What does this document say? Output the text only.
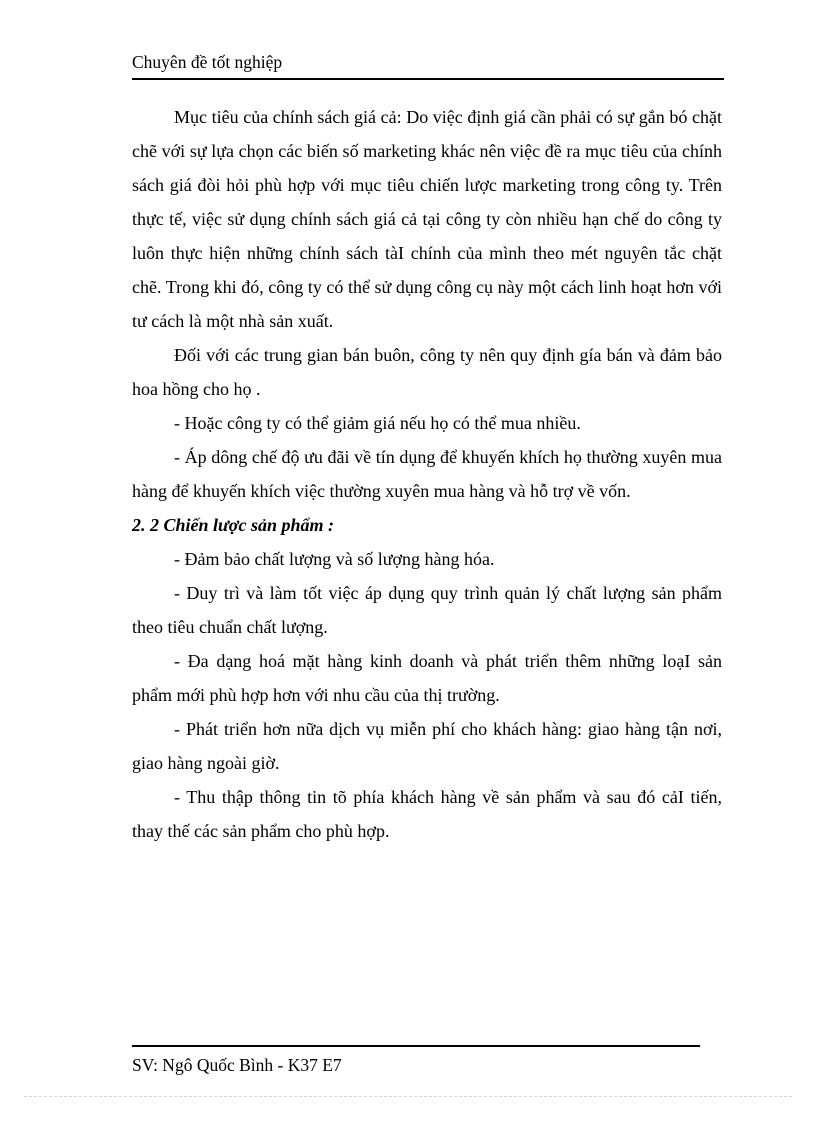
Chuyên đề tốt nghiệp

Mục tiêu của chính sách giá cả: Do việc định giá cần phải có sự gắn bó chặt chẽ với sự lựa chọn các biến số marketing khác nên việc đề ra mục tiêu của chính sách giá đòi hỏi phù hợp với mục tiêu chiến lược marketing trong công ty. Trên thực tế, việc sử dụng chính sách giá cả tại công ty còn nhiều hạn chế do công ty luôn thực hiện những chính sách tàI chính của mình theo mét nguyên tắc chặt chẽ. Trong khi đó, công ty có thể sử dụng công cụ này một cách linh hoạt hơn với tư cách là một nhà sản xuất.

Đối với các trung gian bán buôn, công ty nên quy định gía bán và đảm bảo hoa hồng cho họ .

- Hoặc công ty có thể giảm giá nếu họ có thể mua nhiều.

- Áp dông chế độ ưu đãi về tín dụng để khuyến khích họ thường xuyên mua hàng để khuyến khích việc thường xuyên mua hàng và hỗ trợ về vốn.

2. 2 Chiến lược sản phẩm :

- Đảm bảo chất lượng và số lượng hàng hóa.

- Duy trì và làm tốt việc áp dụng quy trình quản lý chất lượng sản phẩm theo tiêu chuẩn chất lượng.

- Đa dạng hoá mặt hàng kinh doanh và phát triển thêm những loạI sản phẩm mới phù hợp hơn với nhu cầu của thị trường.

- Phát triển hơn nữa dịch vụ miễn phí cho khách hàng: giao hàng tận nơi, giao hàng ngoài giờ.

- Thu thập thông tin tõ phía khách hàng về sản phẩm và sau đó cảI tiến, thay thế các sản phẩm cho phù hợp.

SV: Ngô Quốc Bình - K37 E7
